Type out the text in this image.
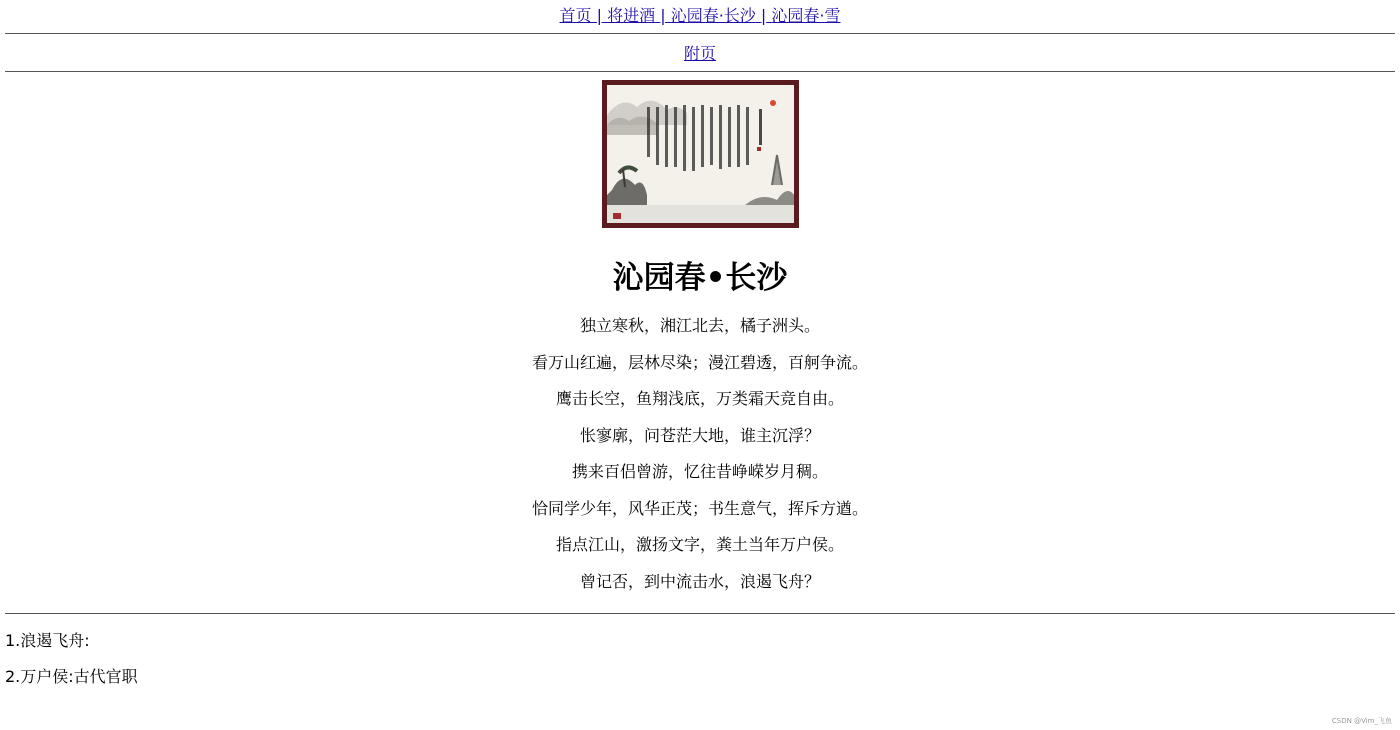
首页 | 将进酒 | 沁园春·长沙 | 沁园春·雪
附页
沁园春•长沙

独立寒秋，湘江北去，橘子洲头。

看万山红遍，层林尽染；漫江碧透，百舸争流。

鹰击长空，鱼翔浅底，万类霜天竞自由。

怅寥廓，问苍茫大地，谁主沉浮？

携来百侣曾游，忆往昔峥嵘岁月稠。

恰同学少年，风华正茂；书生意气，挥斥方遒。

指点江山，激扬文字，粪土当年万户侯。

曾记否，到中流击水，浪遏飞舟？

1.浪遏飞舟:

2.万户侯:古代官职

CSDN @Vim_飞鱼
